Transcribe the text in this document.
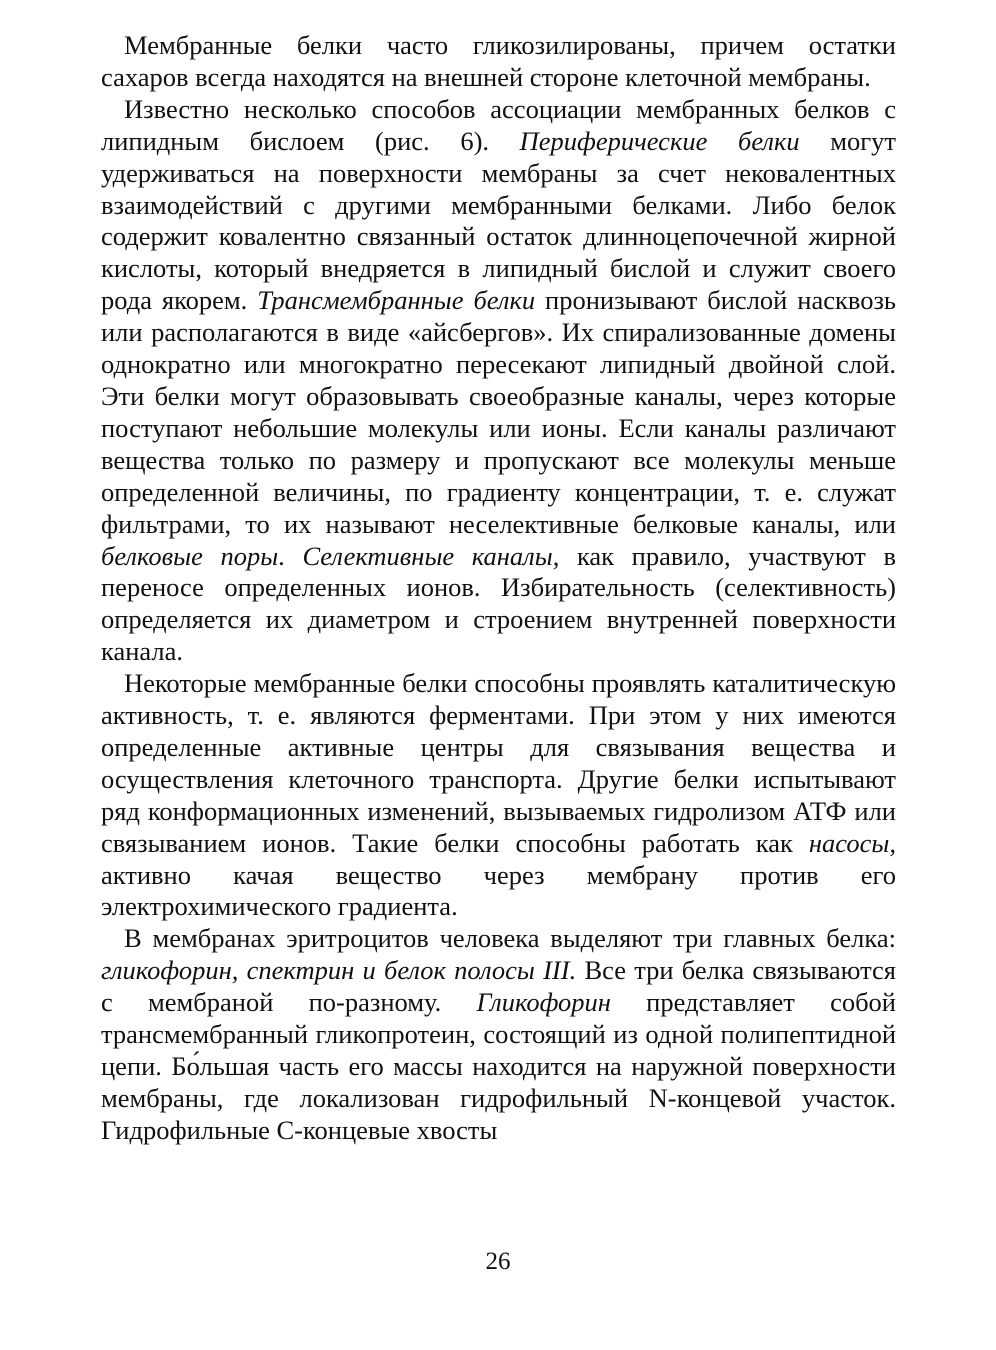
Мембранные белки часто гликозилированы, причем остатки сахаров всегда находятся на внешней стороне клеточной мембраны.

Известно несколько способов ассоциации мембранных белков с липидным бислоем (рис. 6). Периферические белки могут удерживаться на поверхности мембраны за счет нековалентных взаимодействий с другими мембранными белками. Либо белок содержит ковалентно связанный остаток длинноцепочечной жирной кислоты, который внедряется в липидный бислой и служит своего рода якорем. Трансмембранные белки пронизывают бислой насквозь или располагаются в виде «айсбергов». Их спирализованные домены однократно или многократно пересекают липидный двойной слой. Эти белки могут образовывать своеобразные каналы, через которые поступают небольшие молекулы или ионы. Если каналы различают вещества только по размеру и пропускают все молекулы меньше определенной величины, по градиенту концентрации, т. е. служат фильтрами, то их называют неселективные белковые каналы, или белковые поры. Селективные каналы, как правило, участвуют в переносе определенных ионов. Избирательность (селективность) определяется их диаметром и строением внутренней поверхности канала.

Некоторые мембранные белки способны проявлять каталитическую активность, т. е. являются ферментами. При этом у них имеются определенные активные центры для связывания вещества и осуществления клеточного транспорта. Другие белки испытывают ряд конформационных изменений, вызываемых гидролизом АТФ или связыванием ионов. Такие белки способны работать как насосы, активно качая вещество через мембрану против его электрохимического градиента.

В мембранах эритроцитов человека выделяют три главных белка: гликофорин, спектрин и белок полосы III. Все три белка связываются с мембраной по-разному. Гликофорин представляет собой трансмембранный гликопротеин, состоящий из одной полипептидной цепи. Бо́льшая часть его массы находится на наружной поверхности мембраны, где локализован гидрофильный N-концевой участок. Гидрофильные С-концевые хвосты

26
